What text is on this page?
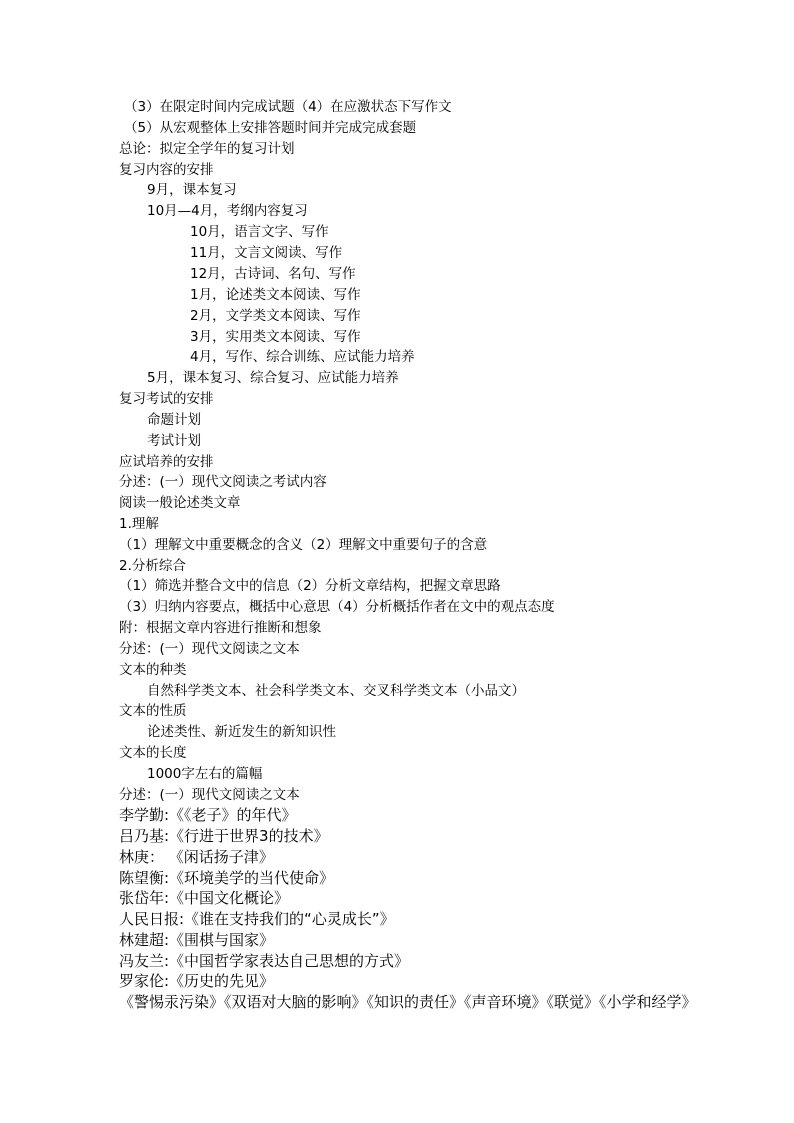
（3）在限定时间内完成试题（4）在应激状态下写作文
（5）从宏观整体上安排答题时间并完成完成套题
总论：拟定全学年的复习计划
复习内容的安排
9月，课本复习
10月—4月，考纲内容复习
10月，语言文字、写作
11月，文言文阅读、写作
12月，古诗词、名句、写作
1月，论述类文本阅读、写作
2月，文学类文本阅读、写作
3月，实用类文本阅读、写作
4月，写作、综合训练、应试能力培养
5月，课本复习、综合复习、应试能力培养
复习考试的安排
命题计划
考试计划
应试培养的安排
分述：(一）现代文阅读之考试内容
阅读一般论述类文章
1.理解
（1）理解文中重要概念的含义（2）理解文中重要句子的含意
2.分析综合
（1）筛选并整合文中的信息（2）分析文章结构，把握文章思路
（3）归纳内容要点，概括中心意思（4）分析概括作者在文中的观点态度
附：根据文章内容进行推断和想象
分述：(一）现代文阅读之文本
文本的种类
自然科学类文本、社会科学类文本、交叉科学类文本（小品文）
文本的性质
论述类性、新近发生的新知识性
文本的长度
1000字左右的篇幅
分述：(一）现代文阅读之文本
李学勤:《《老子》的年代》
吕乃基:《行进于世界3的技术》
林庚： 《闲话扬子津》
陈望衡:《环境美学的当代使命》
张岱年:《中国文化概论》
人民日报:《谁在支持我们的“心灵成长”》
林建超:《围棋与国家》
冯友兰:《中国哲学家表达自己思想的方式》
罗家伦:《历史的先见》
《警惕汞污染》《双语对大脑的影响》《知识的责任》《声音环境》《联觉》《小学和经学》
